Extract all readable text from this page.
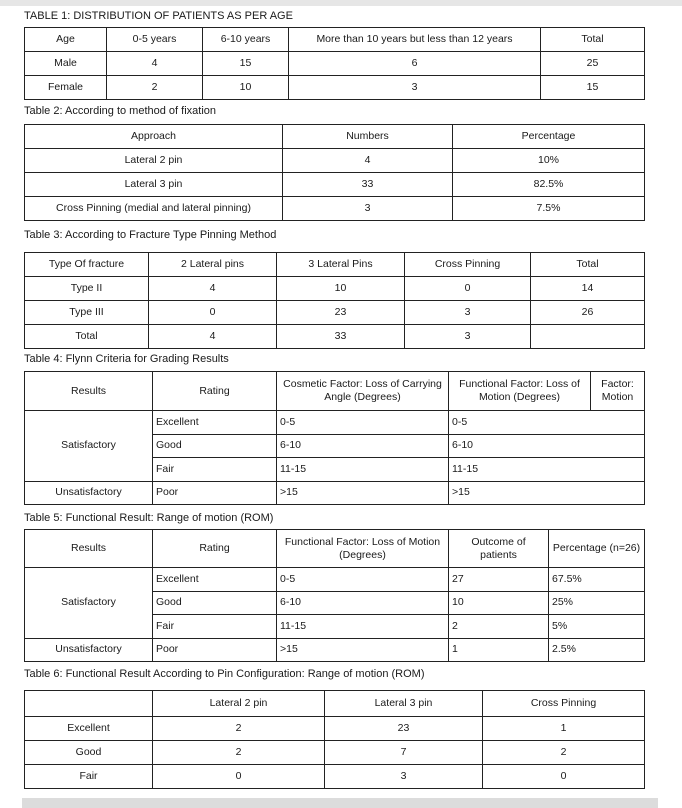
TABLE 1: DISTRIBUTION OF PATIENTS AS PER AGE
Age	0-5 years	6-10 years	More than 10 years but less than 12 years	Total
Male	4	15	6	25
Female	2	10	3	15
Table 2: According to method of fixation
Approach	Numbers	Percentage
Lateral 2 pin	4	10%
Lateral 3 pin	33	82.5%
Cross Pinning (medial and lateral pinning)	3	7.5%
Table 3: According to Fracture Type Pinning Method
Type Of fracture	2 Lateral pins	3 Lateral Pins	Cross Pinning	Total
Type II	4	10	0	14
Type III	0	23	3	26
Total	4	33	3	
Table 4: Flynn Criteria for Grading Results
Results	Rating	Cosmetic Factor: Loss of Carrying Angle (Degrees)	Functional Factor: Loss of Motion (Degrees)	Factor: Motion
Satisfactory	Excellent	0-5	0-5	
	Good	6-10	6-10	
	Fair	11-15	11-15	
Unsatisfactory	Poor	>15	>15	
Table 5: Functional Result: Range of motion (ROM)
Results	Rating	Functional Factor: Loss of Motion (Degrees)	Outcome of patients	Percentage (n=26)
Satisfactory	Excellent	0-5	27	67.5%
	Good	6-10	10	25%
	Fair	11-15	2	5%
Unsatisfactory	Poor	>15	1	2.5%
Table 6: Functional Result According to Pin Configuration: Range of motion (ROM)
	Lateral 2 pin	Lateral 3 pin	Cross Pinning
Excellent	2	23	1
Good	2	7	2
Fair	0	3	0
